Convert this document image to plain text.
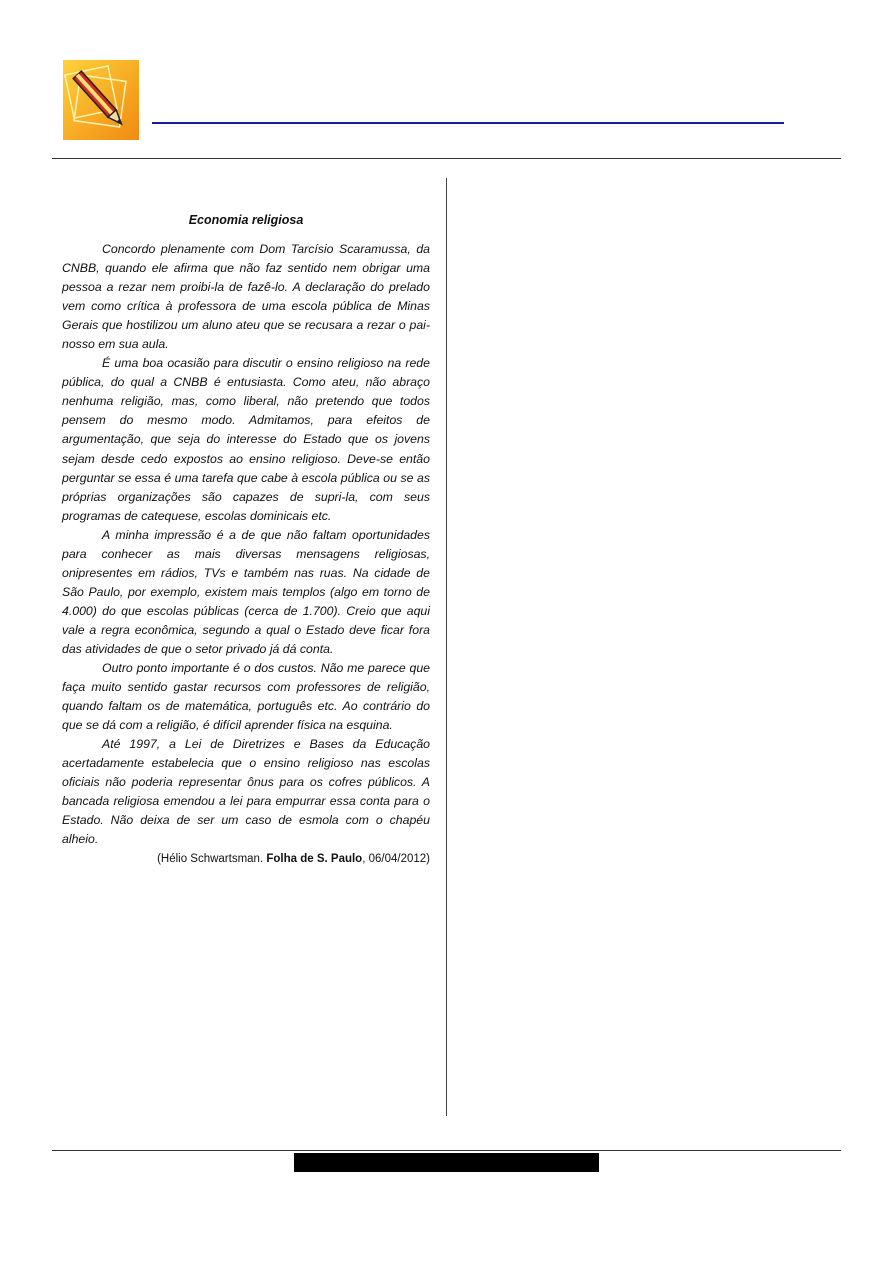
Economia religiosa

Concordo plenamente com Dom Tarcísio Scaramussa, da CNBB, quando ele afirma que não faz sentido nem obrigar uma pessoa a rezar nem proibi-la de fazê-lo. A declaração do prelado vem como crítica à professora de uma escola pública de Minas Gerais que hostilizou um aluno ateu que se recusara a rezar o pai-nosso em sua aula.

É uma boa ocasião para discutir o ensino religioso na rede pública, do qual a CNBB é entusiasta. Como ateu, não abraço nenhuma religião, mas, como liberal, não pretendo que todos pensem do mesmo modo. Admitamos, para efeitos de argumentação, que seja do interesse do Estado que os jovens sejam desde cedo expostos ao ensino religioso. Deve-se então perguntar se essa é uma tarefa que cabe à escola pública ou se as próprias organizações são capazes de supri-la, com seus programas de catequese, escolas dominicais etc.

A minha impressão é a de que não faltam oportunidades para conhecer as mais diversas mensagens religiosas, onipresentes em rádios, TVs e também nas ruas. Na cidade de São Paulo, por exemplo, existem mais templos (algo em torno de 4.000) do que escolas públicas (cerca de 1.700). Creio que aqui vale a regra econômica, segundo a qual o Estado deve ficar fora das atividades de que o setor privado já dá conta.

Outro ponto importante é o dos custos. Não me parece que faça muito sentido gastar recursos com professores de religião, quando faltam os de matemática, português etc. Ao contrário do que se dá com a religião, é difícil aprender física na esquina.

Até 1997, a Lei de Diretrizes e Bases da Educação acertadamente estabelecia que o ensino religioso nas escolas oficiais não poderia representar ônus para os cofres públicos. A bancada religiosa emendou a lei para empurrar essa conta para o Estado. Não deixa de ser um caso de esmola com o chapéu alheio.

(Hélio Schwartsman. Folha de S. Paulo, 06/04/2012)
